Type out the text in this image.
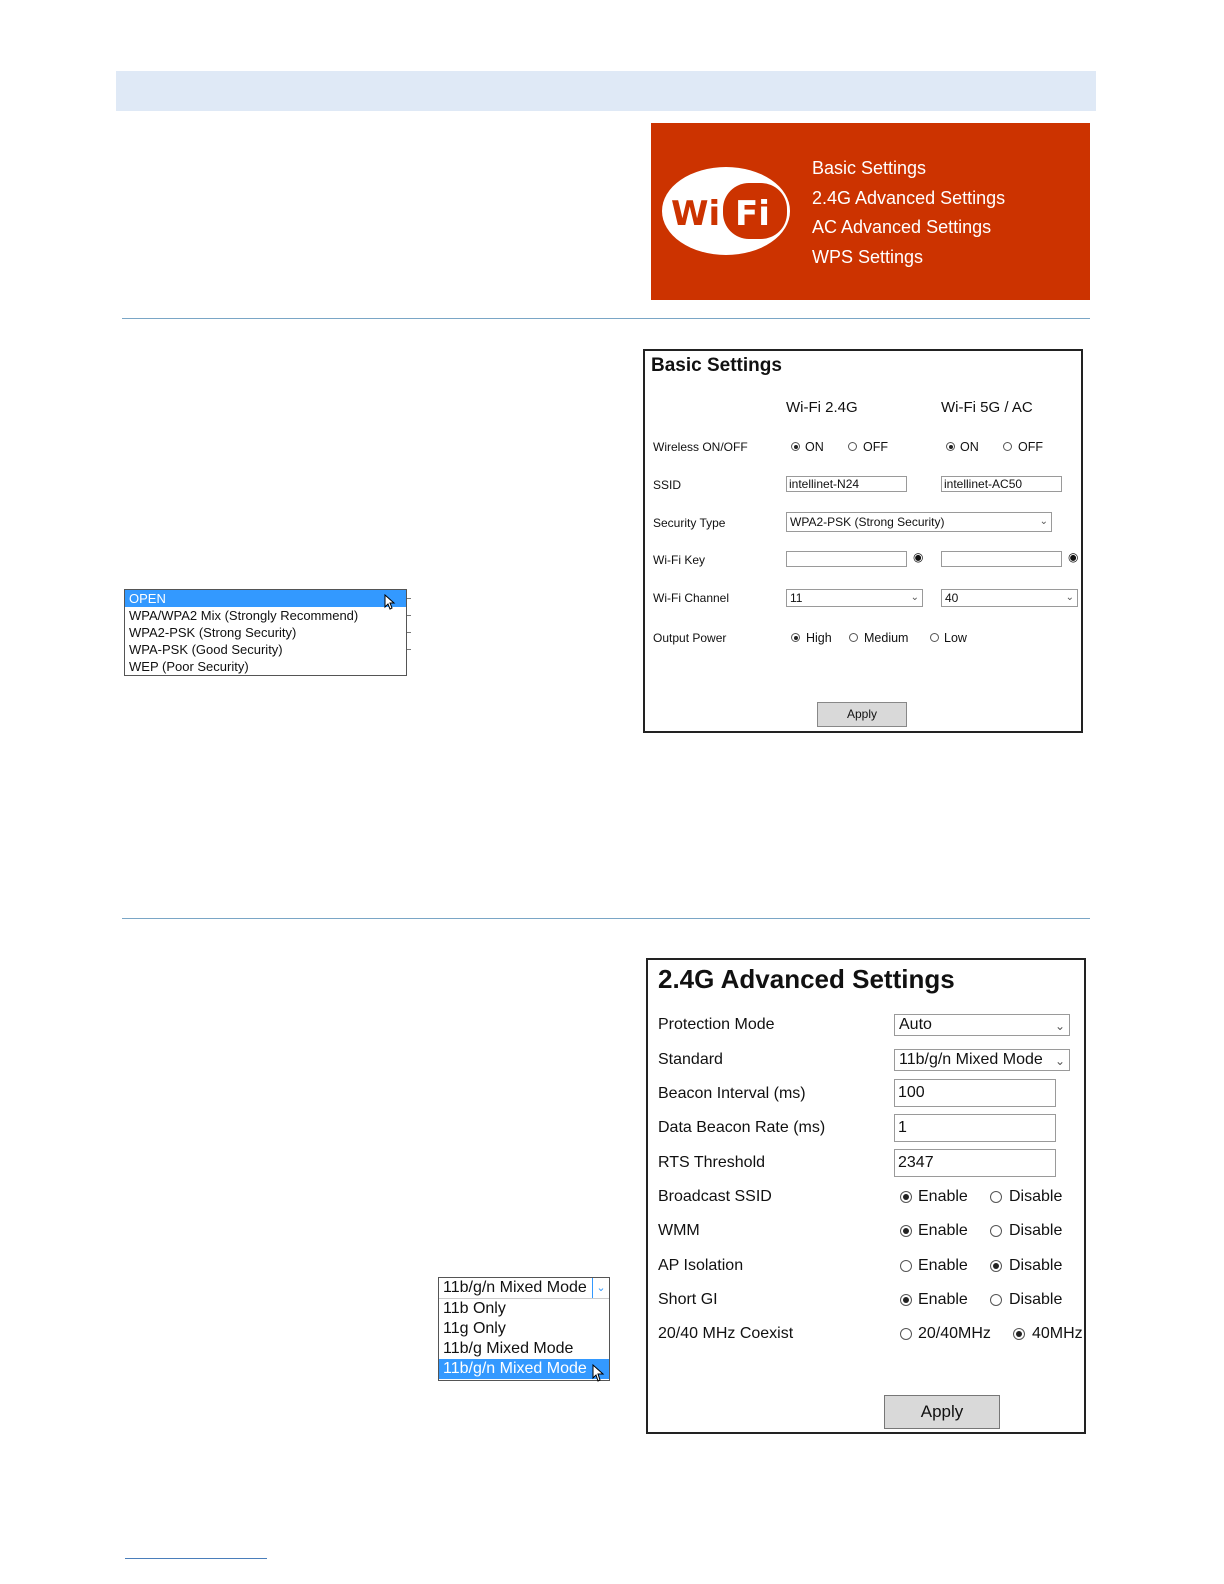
Wi Fi
Basic Settings
2.4G Advanced Settings
AC Advanced Settings
WPS Settings
Basic Settings
Wi-Fi 2.4G	Wi-Fi 5G / AC
Wireless ON/OFF	ON	OFF	ON	OFF
SSID	intellinet-N24	intellinet-AC50
Security Type	WPA2-PSK (Strong Security)	⌄
Wi-Fi Key	◉	◉
Wi-Fi Channel	11	⌄	40	⌄
Output Power	High	Medium	Low
Apply
OPEN
WPA/WPA2 Mix (Strongly Recommend)
WPA2-PSK (Strong Security)
WPA-PSK (Good Security)
WEP (Poor Security)
2.4G Advanced Settings
Protection Mode	Auto	⌄
Standard	11b/g/n Mixed Mode ⌄
Beacon Interval (ms)	100
Data Beacon Rate (ms)	1
RTS Threshold	2347
Broadcast SSID	Enable	Disable
WMM	Enable	Disable
AP Isolation	Enable	Disable
Short GI	Enable	Disable
20/40 MHz Coexist	20/40MHz	40MHz
Apply
11b/g/n Mixed Mode ⌄
11b Only
11g Only
11b/g Mixed Mode
11b/g/n Mixed Mode
